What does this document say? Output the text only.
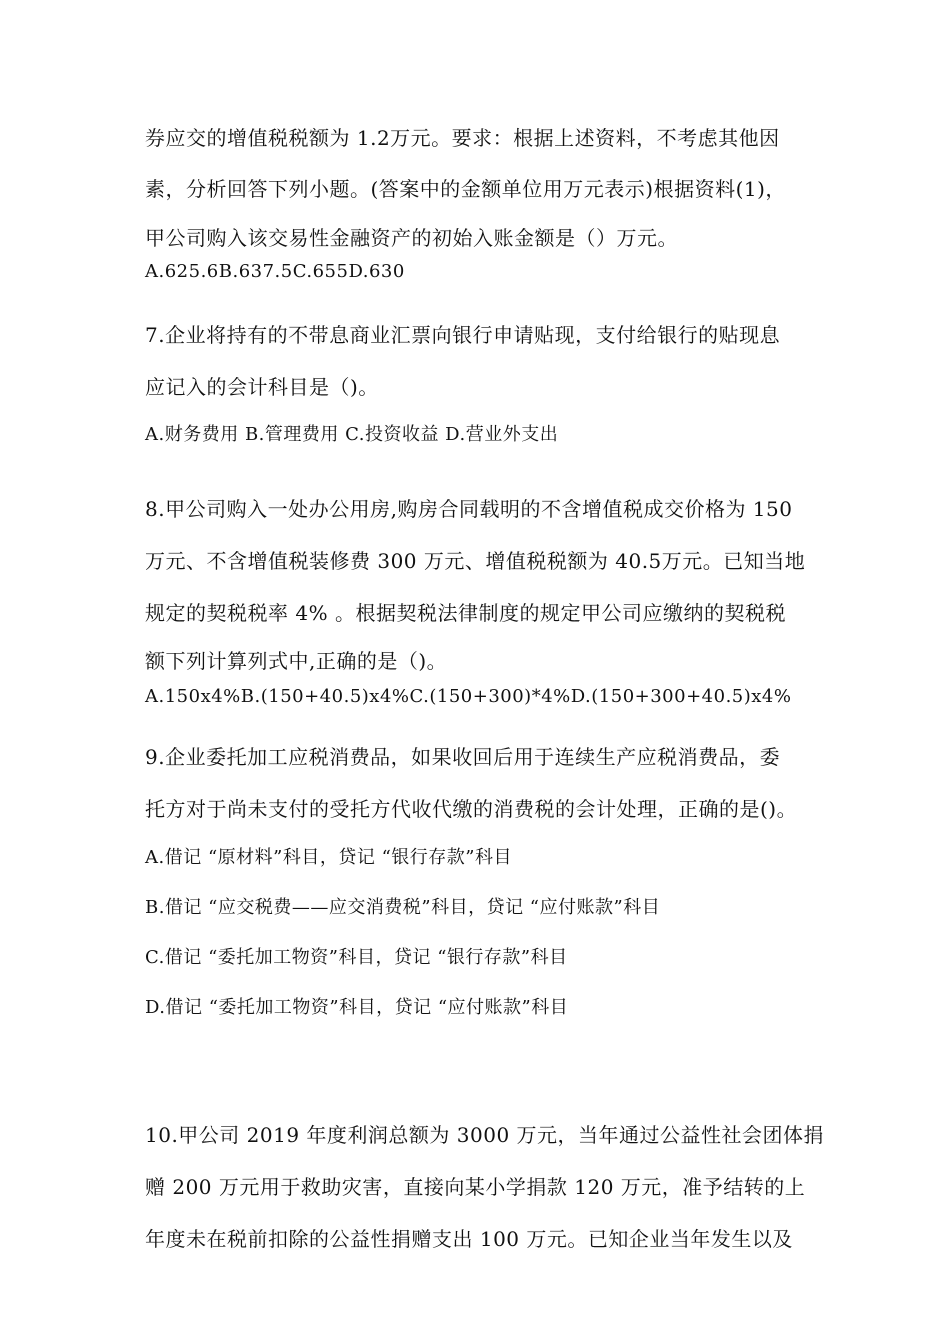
券应交的增值税税额为 1.2万元。要求：根据上述资料，不考虑其他因
素，分析回答下列小题。(答案中的金额单位用万元表示)根据资料(1)，
甲公司购入该交易性金融资产的初始入账金额是（）万元。
A.625.6B.637.5C.655D.630
7.企业将持有的不带息商业汇票向银行申请贴现，支付给银行的贴现息
应记入的会计科目是（)。
A.财务费用 B.管理费用 C.投资收益 D.营业外支出
8.甲公司购入一处办公用房,购房合同载明的不含增值税成交价格为 150
万元、不含增值税装修费 300 万元、增值税税额为 40.5万元。已知当地
规定的契税税率 4% 。根据契税法律制度的规定甲公司应缴纳的契税税
额下列计算列式中,正确的是（)。
A.150x4%B.(150+40.5)x4%C.(150+300)*4%D.(150+300+40.5)x4%
9.企业委托加工应税消费品，如果收回后用于连续生产应税消费品，委
托方对于尚未支付的受托方代收代缴的消费税的会计处理，正确的是()。
A.借记 “原材料”科目，贷记 “银行存款”科目
B.借记 “应交税费——应交消费税”科目，贷记 “应付账款”科目
C.借记 “委托加工物资”科目，贷记 “银行存款”科目
D.借记 “委托加工物资”科目，贷记 “应付账款”科目
10.甲公司 2019 年度利润总额为 3000 万元，当年通过公益性社会团体捐
赠 200 万元用于救助灾害，直接向某小学捐款 120 万元，准予结转的上
年度未在税前扣除的公益性捐赠支出 100 万元。已知企业当年发生以及
